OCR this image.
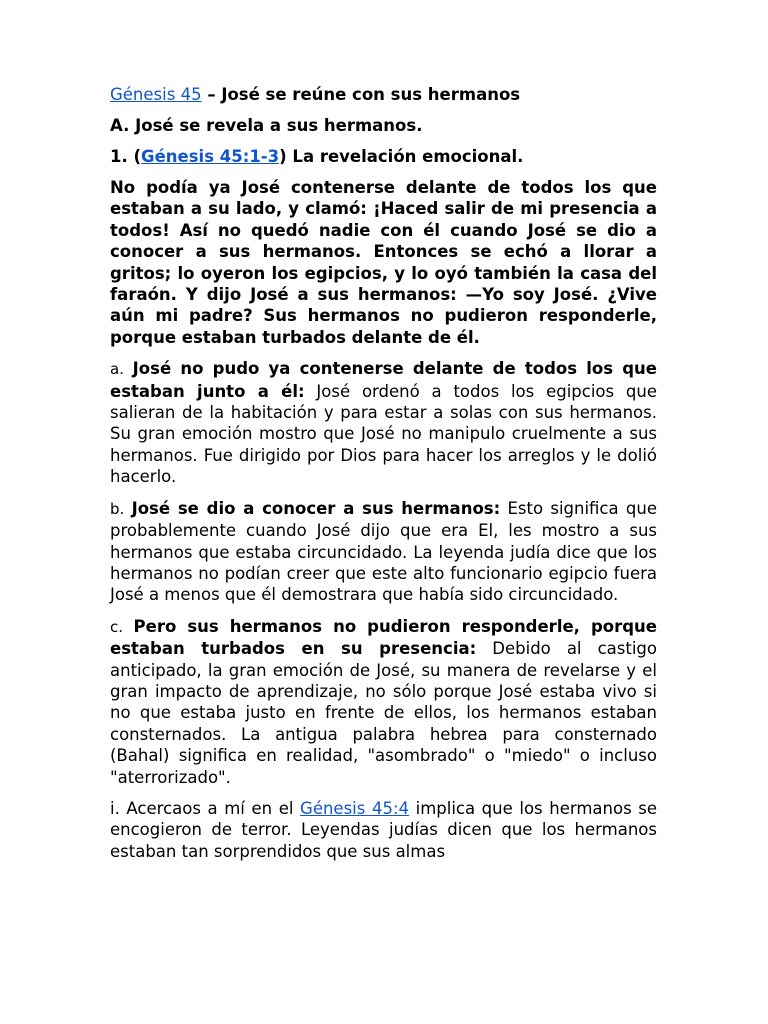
Génesis 45 – José se reúne con sus hermanos
A. José se revela a sus hermanos.
1. (Génesis 45:1-3) La revelación emocional.

No podía ya José contenerse delante de todos los que estaban a su lado, y clamó: ¡Haced salir de mi presencia a todos! Así no quedó nadie con él cuando José se dio a conocer a sus hermanos. Entonces se echó a llorar a gritos; lo oyeron los egipcios, y lo oyó también la casa del faraón. Y dijo José a sus hermanos: —Yo soy José. ¿Vive aún mi padre? Sus hermanos no pudieron responderle, porque estaban turbados delante de él.

a. José no pudo ya contenerse delante de todos los que estaban junto a él: José ordenó a todos los egipcios que salieran de la habitación y para estar a solas con sus hermanos. Su gran emoción mostro que José no manipulo cruelmente a sus hermanos. Fue dirigido por Dios para hacer los arreglos y le dolió hacerlo.

b. José se dio a conocer a sus hermanos: Esto significa que probablemente cuando José dijo que era El, les mostro a sus hermanos que estaba circuncidado. La leyenda judía dice que los hermanos no podían creer que este alto funcionario egipcio fuera José a menos que él demostrara que había sido circuncidado.

c. Pero sus hermanos no pudieron responderle, porque estaban turbados en su presencia: Debido al castigo anticipado, la gran emoción de José, su manera de revelarse y el gran impacto de aprendizaje, no sólo porque José estaba vivo si no que estaba justo en frente de ellos, los hermanos estaban consternados. La antigua palabra hebrea para consternado (Bahal) significa en realidad, "asombrado" o "miedo" o incluso "aterrorizado".

i. Acercaos a mí en el Génesis 45:4 implica que los hermanos se encogieron de terror. Leyendas judías dicen que los hermanos estaban tan sorprendidos que sus almas
